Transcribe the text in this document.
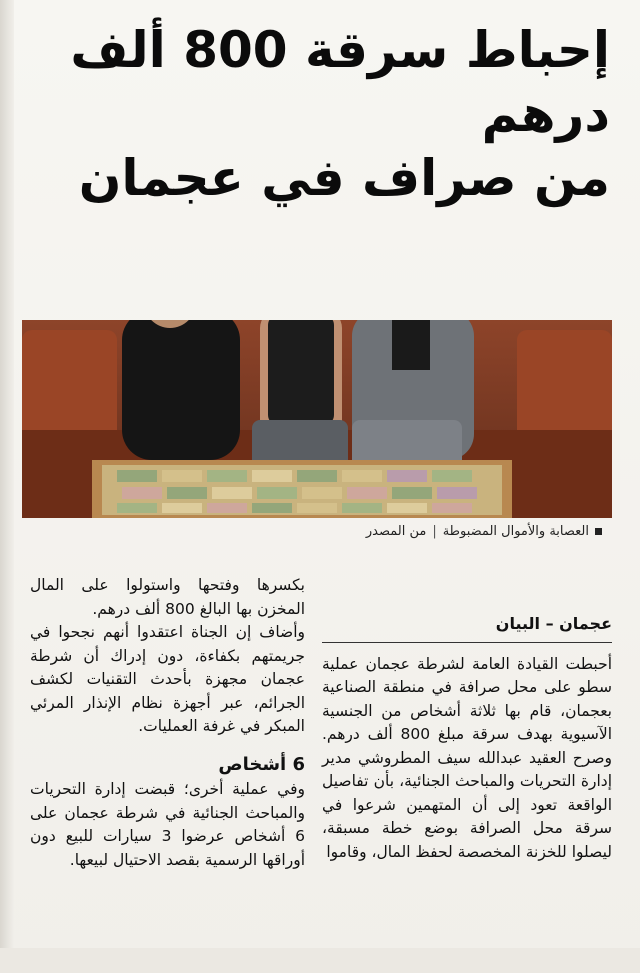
إحباط سرقة 800 ألف درهم
من صراف في عجمان
العصابة والأموال المضبوطة|من المصدر
عجمان – البيان

أحبطت القيادة العامة لشرطة عجمان عملية سطو على محل صرافة في منطقة الصناعية بعجمان، قام بها ثلاثة أشخاص من الجنسية الآسيوية بهدف سرقة مبلغ 800 ألف درهم. وصرح العقيد عبدالله سيف المطروشي مدير إدارة التحريات والمباحث الجنائية، بأن تفاصيل الواقعة تعود إلى أن المتهمين شرعوا في سرقة محل الصرافة بوضع خطة مسبقة، ليصلوا للخزنة المخصصة لحفظ المال، وقاموا

بكسرها وفتحها واستولوا على المال المخزن بها البالغ 800 ألف درهم.

وأضاف إن الجناة اعتقدوا أنهم نجحوا في جريمتهم بكفاءة، دون إدراك أن شرطة عجمان مجهزة بأحدث التقنيات لكشف الجرائم، عبر أجهزة نظام الإنذار المرئي المبكر في غرفة العمليات.

6 أشخاص

وفي عملية أخرى؛ قبضت إدارة التحريات والمباحث الجنائية في شرطة عجمان على 6 أشخاص عرضوا 3 سيارات للبيع دون أوراقها الرسمية بقصد الاحتيال لبيعها.
